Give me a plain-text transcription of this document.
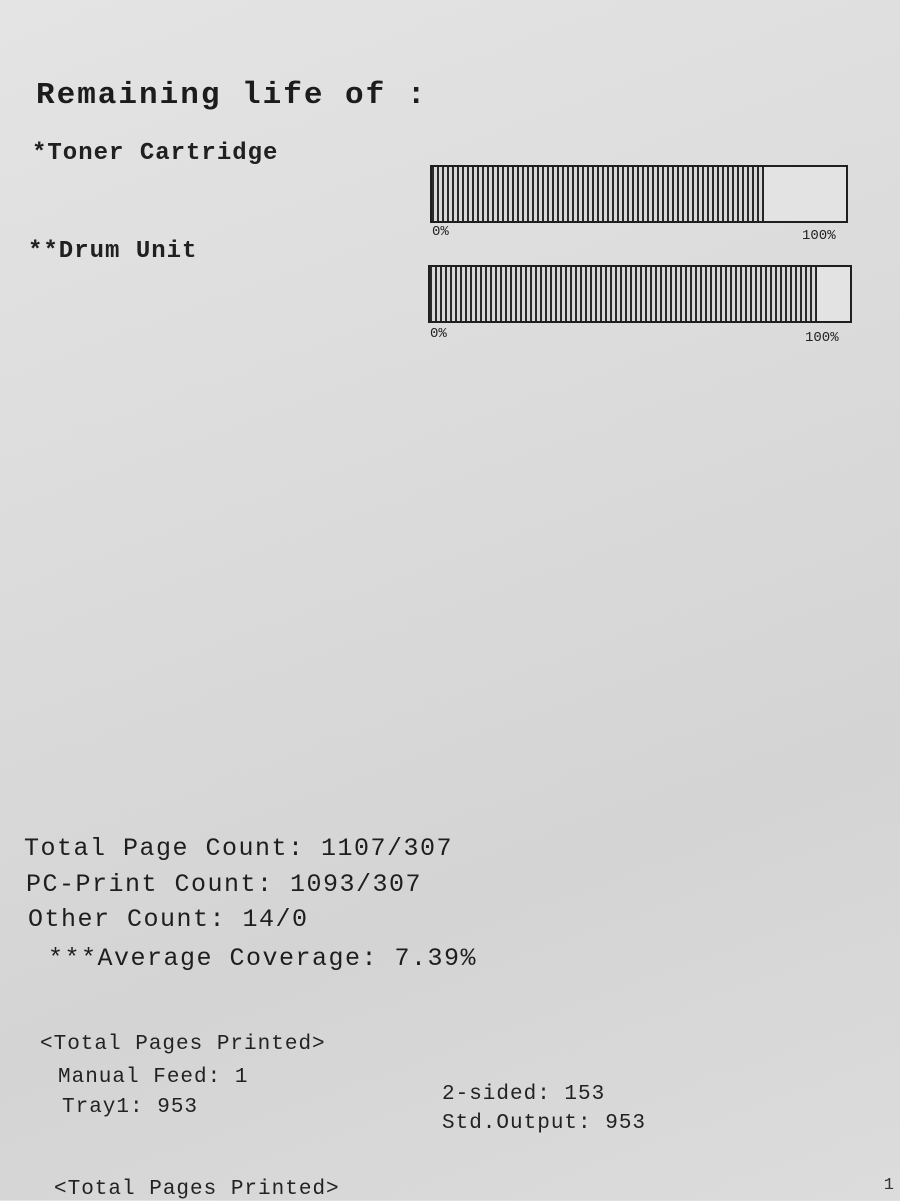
Remaining life of :
*Toner Cartridge
0%	100%
**Drum Unit
0%	100%
Total Page Count: 1107/307
PC-Print Count: 1093/307
Other Count: 14/0
***Average Coverage: 7.39%
<Total Pages Printed>
Manual Feed: 1
Tray1: 953
2-sided: 153
Std.Output: 953
<Total Pages Printed>	1
